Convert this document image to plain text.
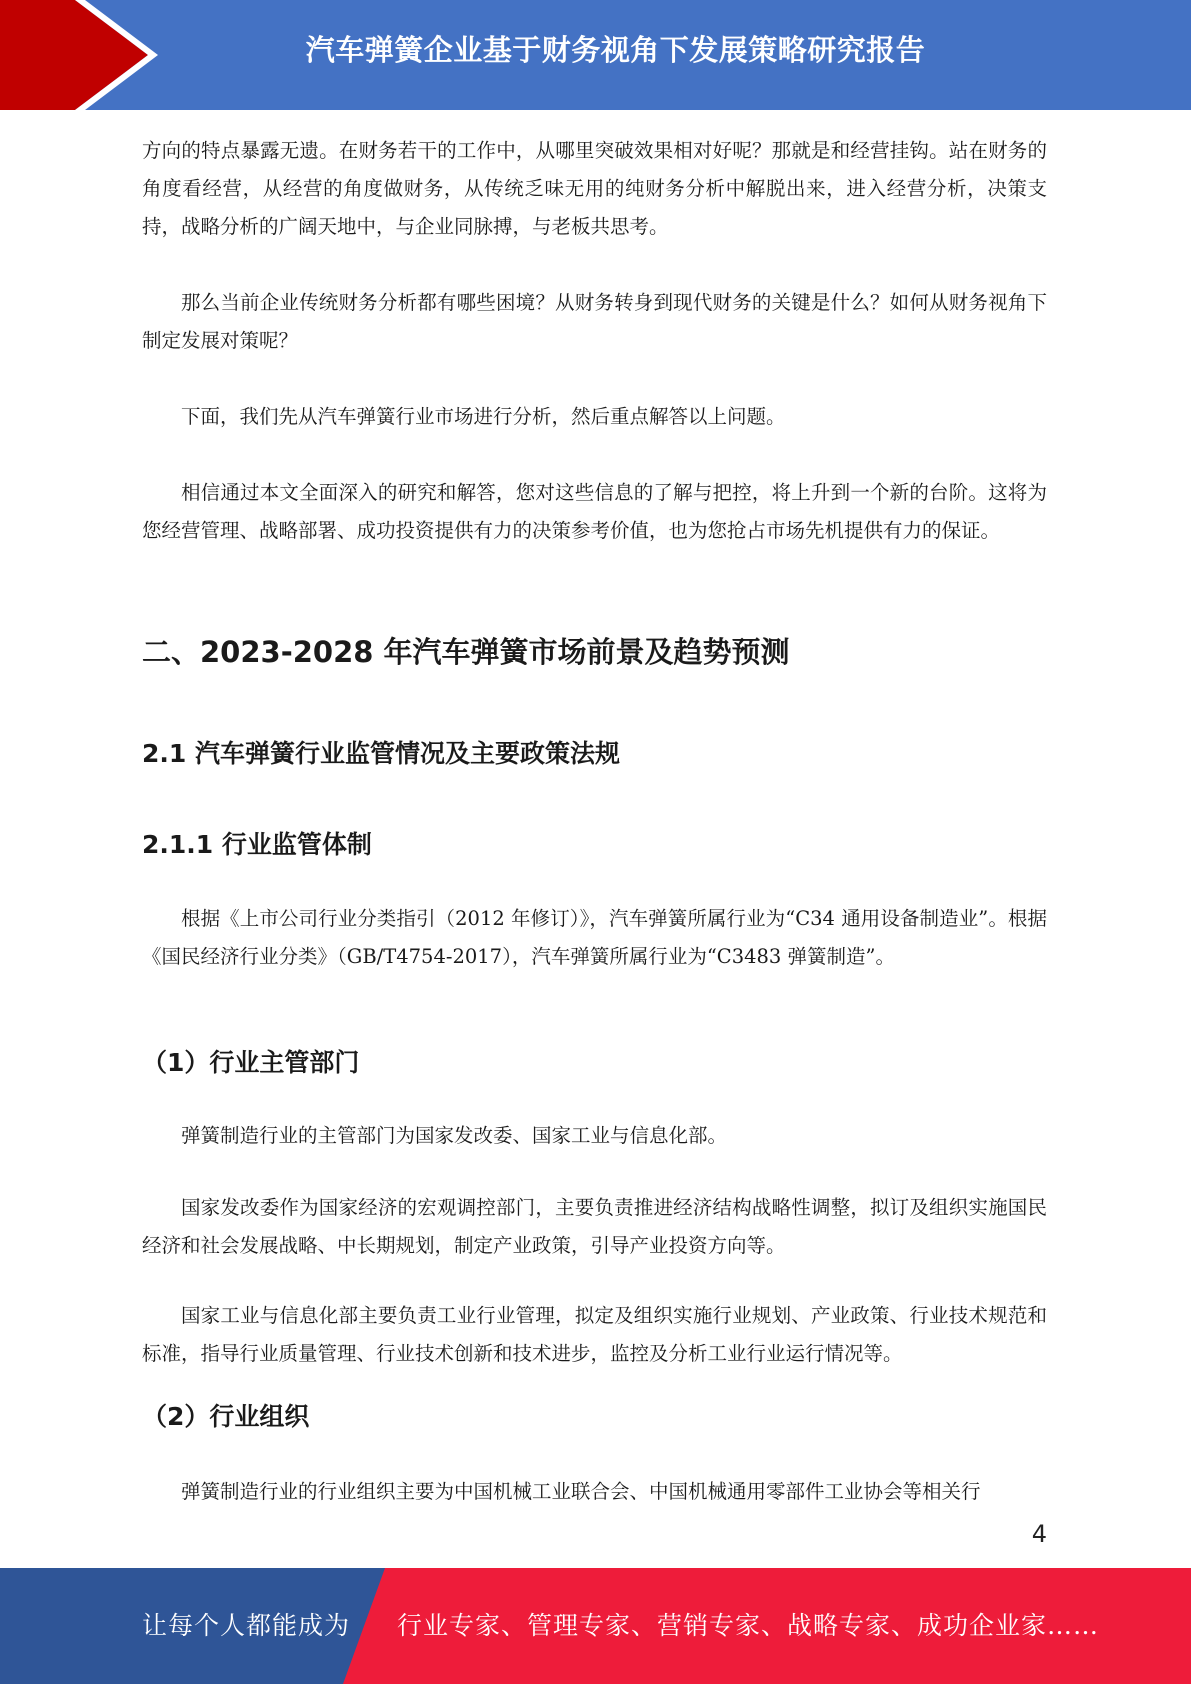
汽车弹簧企业基于财务视角下发展策略研究报告

方向的特点暴露无遗。在财务若干的工作中，从哪里突破效果相对好呢？那就是和经营挂钩。站在财务的角度看经营，从经营的角度做财务，从传统乏味无用的纯财务分析中解脱出来，进入经营分析，决策支持，战略分析的广阔天地中，与企业同脉搏，与老板共思考。

那么当前企业传统财务分析都有哪些困境？从财务转身到现代财务的关键是什么？如何从财务视角下制定发展对策呢？

下面，我们先从汽车弹簧行业市场进行分析，然后重点解答以上问题。

相信通过本文全面深入的研究和解答，您对这些信息的了解与把控，将上升到一个新的台阶。这将为您经营管理、战略部署、成功投资提供有力的决策参考价值，也为您抢占市场先机提供有力的保证。

二、2023-2028 年汽车弹簧市场前景及趋势预测
2.1 汽车弹簧行业监管情况及主要政策法规
2.1.1 行业监管体制

根据《上市公司行业分类指引（2012 年修订）》，汽车弹簧所属行业为“C34 通用设备制造业”。根据《国民经济行业分类》（GB/T4754-2017），汽车弹簧所属行业为“C3483 弹簧制造”。

（1）行业主管部门

弹簧制造行业的主管部门为国家发改委、国家工业与信息化部。

国家发改委作为国家经济的宏观调控部门，主要负责推进经济结构战略性调整，拟订及组织实施国民经济和社会发展战略、中长期规划，制定产业政策，引导产业投资方向等。

国家工业与信息化部主要负责工业行业管理，拟定及组织实施行业规划、产业政策、行业技术规范和标准，指导行业质量管理、行业技术创新和技术进步，监控及分析工业行业运行情况等。

（2）行业组织

弹簧制造行业的行业组织主要为中国机械工业联合会、中国机械通用零部件工业协会等相关行

4
让每个人都能成为 行业专家、管理专家、营销专家、战略专家、成功企业家……
